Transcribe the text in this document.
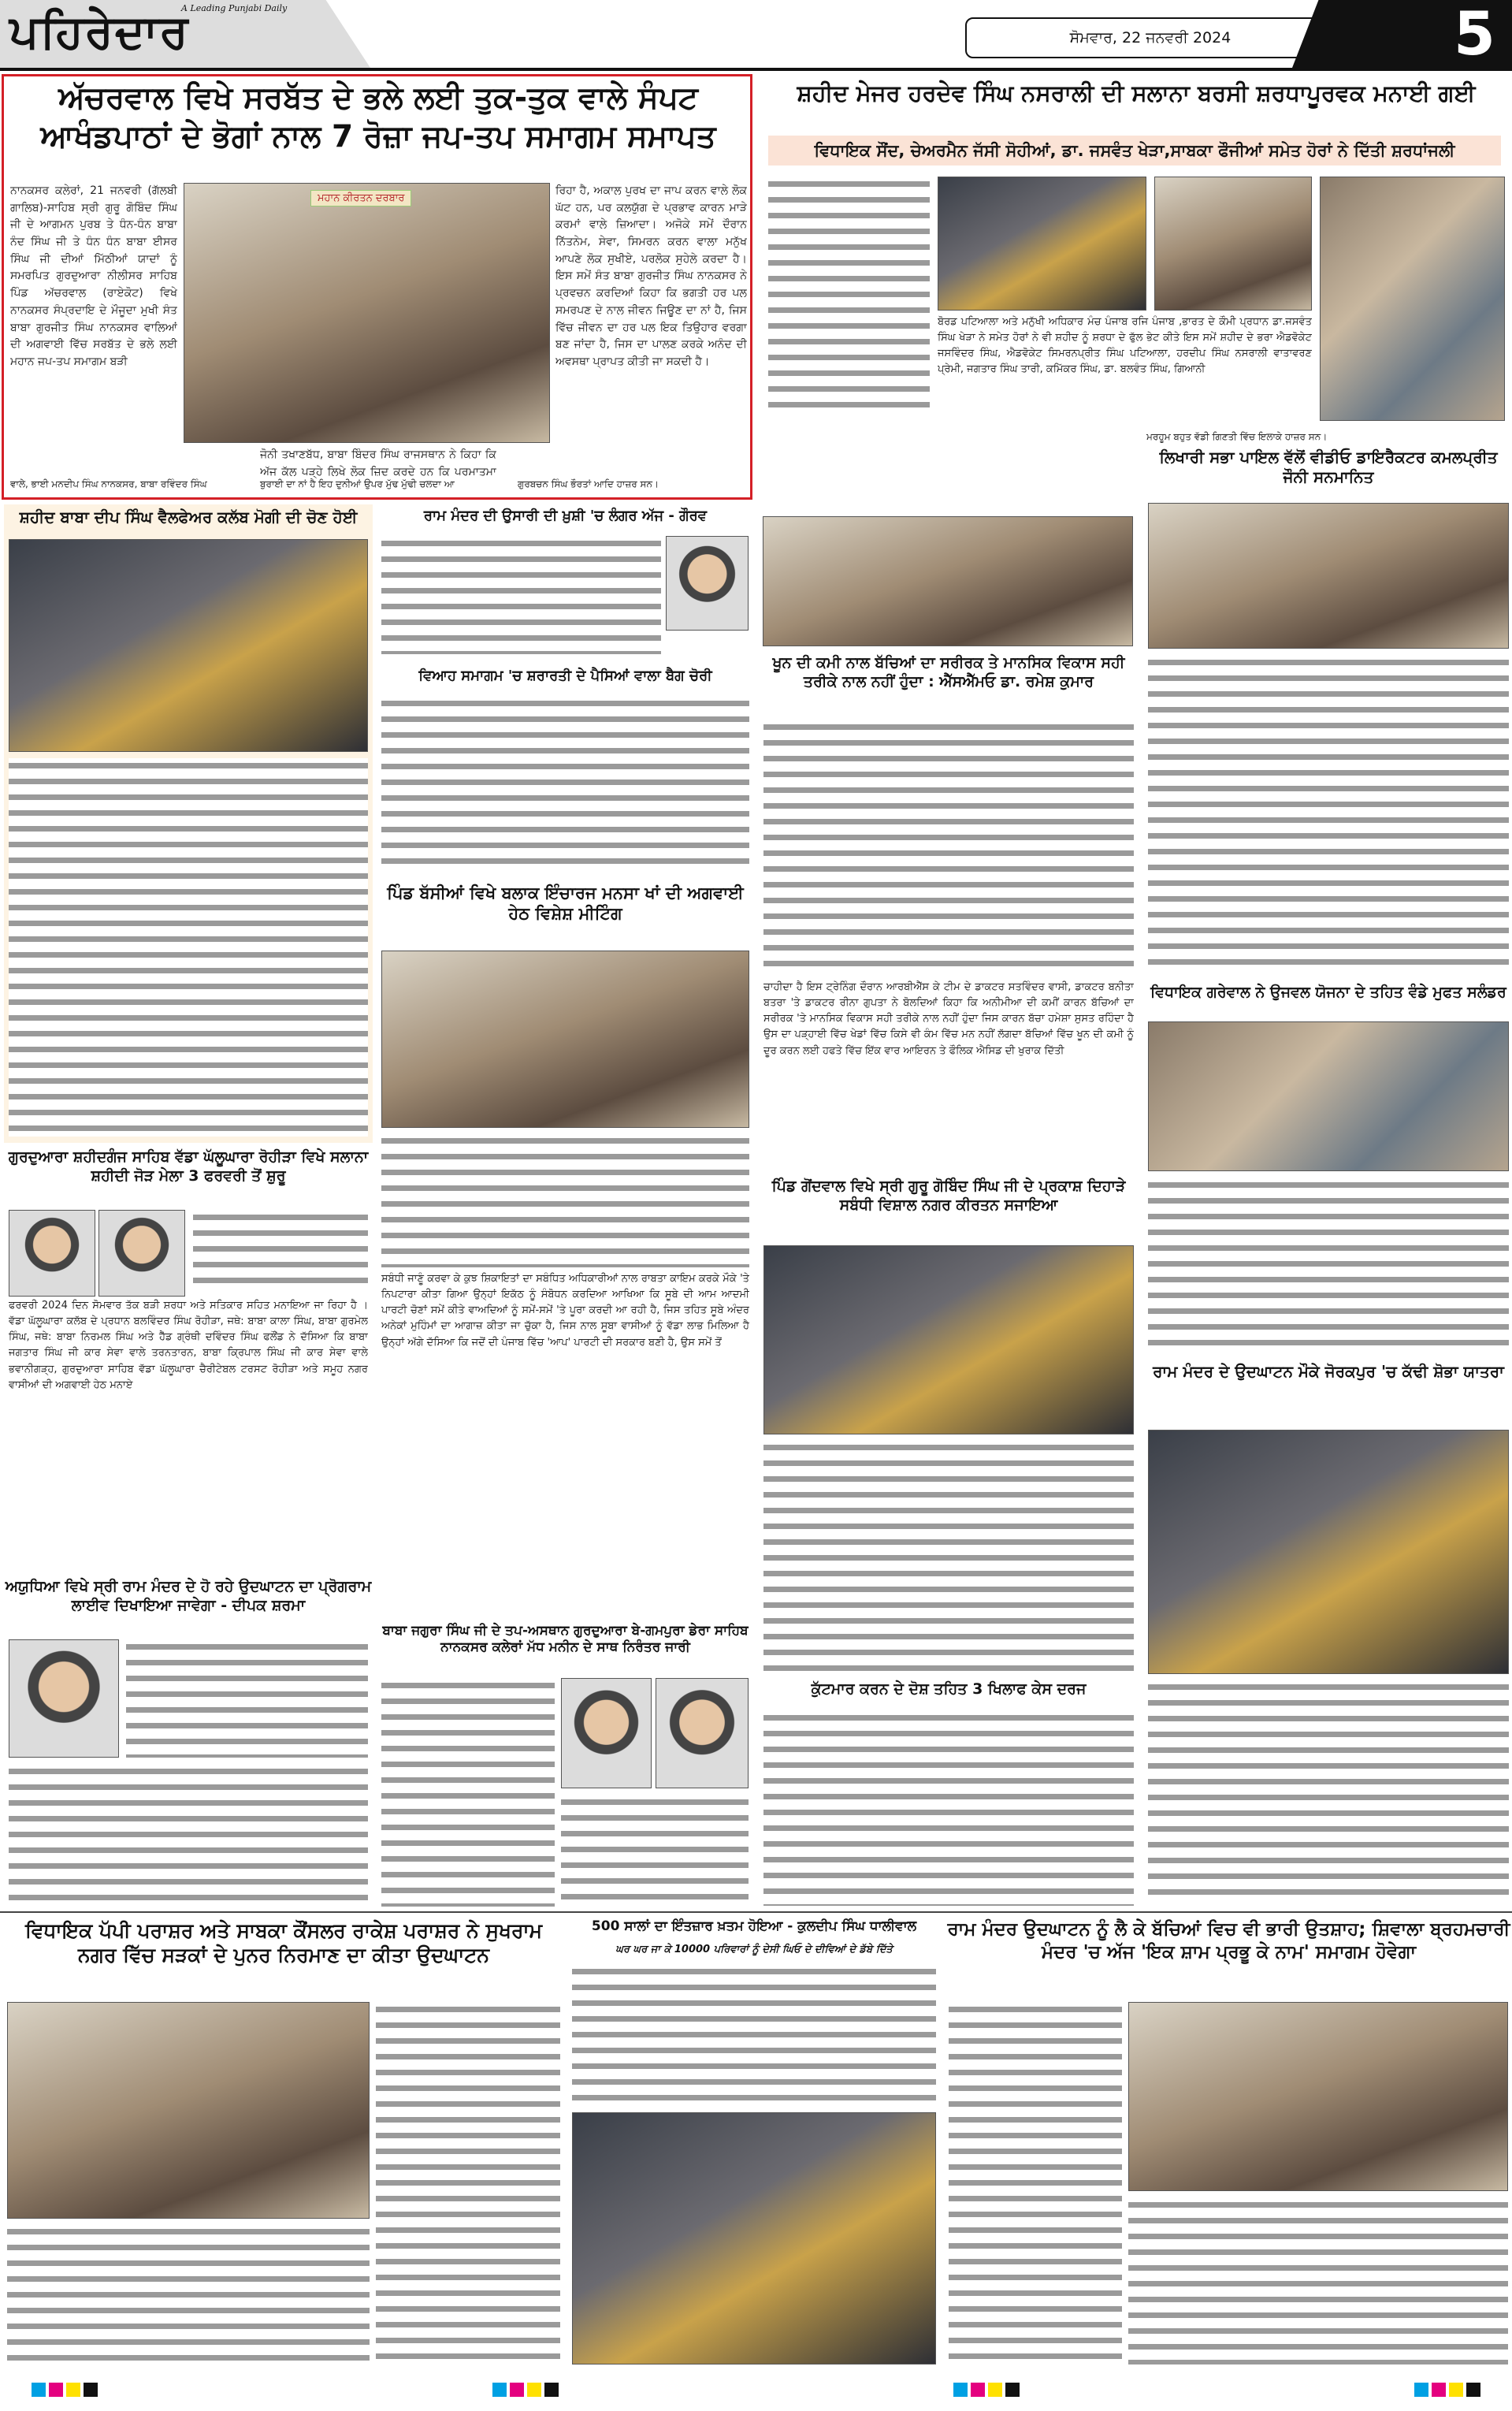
ਪਹਿਰੇਦਾਰ
A Leading Punjabi Daily
ਸੋਮਵਾਰ, 22 ਜਨਵਰੀ 2024	5
ਅੱਚਰਵਾਲ ਵਿਖੇ ਸਰਬੱਤ ਦੇ ਭਲੇ ਲਈ ਤੁਕ-ਤੁਕ ਵਾਲੇ ਸੰਪਟ ਆਖੰਡਪਾਠਾਂ ਦੇ ਭੋਗਾਂ ਨਾਲ 7 ਰੋਜ਼ਾ ਜਪ-ਤਪ ਸਮਾਗਮ ਸਮਾਪਤ
ਮਹਾਨ ਕੀਰਤਨ ਦਰਬਾਰ
ਨਾਨਕਸਰ ਕਲੇਰਾਂ, 21 ਜਨਵਰੀ (ਗੱਲਬੀ ਗਾਲਿਬ)-ਸਾਹਿਬ ਸ੍ਰੀ ਗੁਰੂ ਗੋਬਿੰਦ ਸਿੰਘ ਜੀ ਦੇ ਆਗਮਨ ਪੁਰਬ ਤੇ ਧੰਨ-ਧੰਨ ਬਾਬਾ ਨੰਦ ਸਿੰਘ ਜੀ ਤੇ ਧੰਨ ਧੰਨ ਬਾਬਾ ਈਸਰ ਸਿੰਘ ਜੀ ਦੀਆਂ ਮਿੱਠੀਆਂ ਯਾਦਾਂ ਨੂੰ ਸਮਰਪਿਤ ਗੁਰਦੁਆਰਾ ਨੀਲੀਸਰ ਸਾਹਿਬ ਪਿੰਡ ਅੱਚਰਵਾਲ (ਰਾਏਕੋਟ) ਵਿਖੇ ਨਾਨਕਸਰ ਸੰਪ੍ਰਦਾਇ ਦੇ ਮੌਜੂਦਾ ਮੁਖੀ ਸੰਤ ਬਾਬਾ ਗੁਰਜੀਤ ਸਿੰਘ ਨਾਨਕਸਰ ਵਾਲਿਆਂ ਦੀ ਅਗਵਾਈ ਵਿੱਚ ਸਰਬੱਤ ਦੇ ਭਲੇ ਲਈ ਮਹਾਨ ਜਪ-ਤਪ ਸਮਾਗਮ ਬੜੀ
ਜੋਨੀ ਤਖਾਣਬੱਧ, ਬਾਬਾ ਬਿੰਦਰ ਸਿੰਘ ਰਾਜਸਥਾਨ ਨੇ ਕਿਹਾ ਕਿ ਅੱਜ ਕੱਲ ਪੜ੍ਹੇ ਲਿਖੇ ਲੋਕ ਜ਼ਿਦ ਕਰਦੇ ਹਨ ਕਿ ਪਰਮਾਤਮਾ
ਰਿਹਾ ਹੈ, ਅਕਾਲ ਪੁਰਖ ਦਾ ਜਾਪ ਕਰਨ ਵਾਲੇ ਲੋਕ ਘੱਟ ਹਨ, ਪਰ ਕਲਯੁੱਗ ਦੇ ਪ੍ਰਭਾਵ ਕਾਰਨ ਮਾੜੇ ਕਰਮਾਂ ਵਾਲੇ ਜ਼ਿਆਦਾ। ਅਜੋਕੇ ਸਮੇਂ ਦੌਰਾਨ ਨਿੱਤਨੇਮ, ਸੇਵਾ, ਸਿਮਰਨ ਕਰਨ ਵਾਲਾ ਮਨੁੱਖ ਆਪਣੇ ਲੋਕ ਸੁਖੀਏ, ਪਰਲੋਕ ਸੁਹੇਲੇ ਕਰਦਾ ਹੈ। ਇਸ ਸਮੇਂ ਸੰਤ ਬਾਬਾ ਗੁਰਜੀਤ ਸਿੰਘ ਨਾਨਕਸਰ ਨੇ ਪ੍ਰਵਚਨ ਕਰਦਿਆਂ ਕਿਹਾ ਕਿ ਭਗਤੀ ਹਰ ਪਲ ਸਮਰਪਣ ਦੇ ਨਾਲ ਜੀਵਨ ਜਿਊਣ ਦਾ ਨਾਂ ਹੈ, ਜਿਸ ਵਿੱਚ ਜੀਵਨ ਦਾ ਹਰ ਪਲ ਇਕ ਤਿਉਹਾਰ ਵਰਗਾ ਬਣ ਜਾਂਦਾ ਹੈ, ਜਿਸ ਦਾ ਪਾਲਣ ਕਰਕੇ ਅਨੰਦ ਦੀ ਅਵਸਥਾ ਪ੍ਰਾਪਤ ਕੀਤੀ ਜਾ ਸਕਦੀ ਹੈ।
ਵਾਲੇ, ਭਾਈ ਮਨਦੀਪ ਸਿੰਘ ਨਾਨਕਸਰ, ਬਾਬਾ ਰਵਿੰਦਰ ਸਿੰਘ	ਬੁਰਾਈ ਦਾ ਨਾਂ ਹੈ ਇਹ ਦੁਨੀਆਂ ਉਪਰ ਮੁੱਢ ਮੁੱਢੀ ਚਲਦਾ ਆ	ਗੁਰਬਚਨ ਸਿੰਘ ਭੌਰਤਾਂ ਆਦਿ ਹਾਜ਼ਰ ਸਨ।
ਸ਼ਹੀਦ ਮੇਜਰ ਹਰਦੇਵ ਸਿੰਘ ਨਸਰਾਲੀ ਦੀ ਸਲਾਨਾ ਬਰਸੀ ਸ਼ਰਧਾਪੂਰਵਕ ਮਨਾਈ ਗਈ
ਵਿਧਾਇਕ ਸੌਂਦ, ਚੇਅਰਮੈਨ ਜੱਸੀ ਸੋਹੀਆਂ, ਡਾ. ਜਸਵੰਤ ਖੇੜਾ,ਸਾਬਕਾ ਫੌਜੀਆਂ ਸਮੇਤ ਹੋਰਾਂ ਨੇ ਦਿੱਤੀ ਸ਼ਰਧਾਂਜਲੀ
ਬੋਰਡ ਪਟਿਆਲਾ ਅਤੇ ਮਨੁੱਖੀ ਅਧਿਕਾਰ ਮੰਚ ਪੰਜਾਬ ਰਜਿ ਪੰਜਾਬ ,ਭਾਰਤ ਦੇ ਕੌਮੀ ਪ੍ਰਧਾਨ ਡਾ.ਜਸਵੰਤ ਸਿੰਘ ਖੇੜਾ ਨੇ ਸਮੇਤ ਹੋਰਾਂ ਨੇ ਵੀ ਸ਼ਹੀਦ ਨੂੰ ਸ਼ਰਧਾ ਦੇ ਫੁੱਲ ਭੇਟ ਕੀਤੇ ਇਸ ਸਮੇਂ ਸ਼ਹੀਦ ਦੇ ਭਰਾ ਐਡਵੋਕੇਟ ਜਸਵਿੰਦਰ ਸਿੰਘ, ਐਡਵੋਕੇਟ ਸਿਮਰਨਪ੍ਰੀਤ ਸਿੰਘ ਪਟਿਆਲਾ, ਹਰਦੀਪ ਸਿੰਘ ਨਸਰਾਲੀ ਵਾਤਾਵਰਣ ਪ੍ਰੇਮੀ, ਜਗਤਾਰ ਸਿੰਘ ਤਾਰੀ, ਕਮਿੱਕਰ ਸਿੰਘ, ਡਾ. ਬਲਵੰਤ ਸਿੰਘ, ਗਿਆਨੀ
ਮਰਹੂਮ ਬਹੁਤ ਵੱਡੀ ਗਿਣਤੀ ਵਿੱਚ ਇਲਾਕੇ ਹਾਜ਼ਰ ਸਨ।
ਸ਼ਹੀਦ ਬਾਬਾ ਦੀਪ ਸਿੰਘ ਵੈਲਫੇਅਰ ਕਲੱਬ ਮੋਗੀ ਦੀ ਚੋਣ ਹੋਈ
ਗੁਰਦੁਆਰਾ ਸ਼ਹੀਦਗੰਜ ਸਾਹਿਬ ਵੱਡਾ ਘੱਲੂਘਾਰਾ ਰੋਹੀੜਾ ਵਿਖੇ ਸਲਾਨਾ ਸ਼ਹੀਦੀ ਜੋੜ ਮੇਲਾ 3 ਫਰਵਰੀ ਤੋਂ ਸ਼ੁਰੂ
ਫਰਵਰੀ 2024 ਦਿਨ ਸੋਮਵਾਰ ਤੱਕ ਬੜੀ ਸ਼ਰਧਾ ਅਤੇ ਸਤਿਕਾਰ ਸਹਿਤ ਮਨਾਇਆ ਜਾ ਰਿਹਾ ਹੈ । ਵੱਡਾ ਘੱਲੂਘਾਰਾ ਕਲੱਬ ਦੇ ਪ੍ਰਧਾਨ ਬਲਵਿੰਦਰ ਸਿੰਘ ਰੋਹੀੜਾ, ਜਥੇ: ਬਾਬਾ ਕਾਲਾ ਸਿੰਘ, ਬਾਬਾ ਗੁਰਮੇਲ ਸਿੰਘ, ਜਥੇ: ਬਾਬਾ ਨਿਰਮਲ ਸਿੰਘ ਅਤੇ ਹੈੱਡ ਗ੍ਰੰਥੀ ਦਵਿੰਦਰ ਸਿੰਘ ਫਲੌਂਡ ਨੇ ਦੱਸਿਆ ਕਿ ਬਾਬਾ ਜਗਤਾਰ ਸਿੰਘ ਜੀ ਕਾਰ ਸੇਵਾ ਵਾਲੇ ਤਰਨਤਾਰਨ, ਬਾਬਾ ਕ੍ਰਿਪਾਲ ਸਿੰਘ ਜੀ ਕਾਰ ਸੇਵਾ ਵਾਲੇ ਭਵਾਨੀਗੜ੍ਹ, ਗੁਰਦੁਆਰਾ ਸਾਹਿਬ ਵੱਡਾ ਘੱਲੂਘਾਰਾ ਚੈਰੀਟੇਬਲ ਟਰਸਟ ਰੋਹੀੜਾ ਅਤੇ ਸਮੂਹ ਨਗਰ ਵਾਸੀਆਂ ਦੀ ਅਗਵਾਈ ਹੇਠ ਮਨਾਏ
ਅਯੁਧਿਆ ਵਿਖੇ ਸ੍ਰੀ ਰਾਮ ਮੰਦਰ ਦੇ ਹੋ ਰਹੇ ਉਦਘਾਟਨ ਦਾ ਪ੍ਰੋਗਰਾਮ ਲਾਈਵ ਦਿਖਾਇਆ ਜਾਵੇਗਾ - ਦੀਪਕ ਸ਼ਰਮਾ
ਰਾਮ ਮੰਦਰ ਦੀ ਉਸਾਰੀ ਦੀ ਖ਼ੁਸ਼ੀ 'ਚ ਲੰਗਰ ਅੱਜ - ਗੌਰਵ
ਵਿਆਹ ਸਮਾਗਮ 'ਚ ਸ਼ਰਾਰਤੀ ਦੇ ਪੈਸਿਆਂ ਵਾਲਾ ਬੈਗ ਚੋਰੀ
ਪਿੰਡ ਬੱਸੀਆਂ ਵਿਖੇ ਬਲਾਕ ਇੰਚਾਰਜ ਮਨਸਾ ਖਾਂ ਦੀ ਅਗਵਾਈ ਹੇਠ ਵਿਸ਼ੇਸ਼ ਮੀਟਿੰਗ
ਸਬੰਧੀ ਜਾਣੂੰ ਕਰਵਾ ਕੇ ਕੁਝ ਸ਼ਿਕਾਇਤਾਂ ਦਾ ਸਬੰਧਿਤ ਅਧਿਕਾਰੀਆਂ ਨਾਲ ਰਾਬਤਾ ਕਾਇਮ ਕਰਕੇ ਮੌਕੇ 'ਤੇ ਨਿਪਟਾਰਾ ਕੀਤਾ ਗਿਆ ਉਨ੍ਹਾਂ ਇਕੱਠ ਨੂੰ ਸੰਬੋਧਨ ਕਰਦਿਆ ਆਖਿਆ ਕਿ ਸੂਬੇ ਦੀ ਆਮ ਆਦਮੀ ਪਾਰਟੀ ਚੋਣਾਂ ਸਮੇਂ ਕੀਤੇ ਵਾਅਦਿਆਂ ਨੂੰ ਸਮੇਂ-ਸਮੇਂ 'ਤੇ ਪੂਰਾ ਕਰਦੀ ਆ ਰਹੀ ਹੈ, ਜਿਸ ਤਹਿਤ ਸੂਬੇ ਅੰਦਰ ਅਨੇਕਾਂ ਮੁਹਿੰਮਾਂ ਦਾ ਆਗਾਜ਼ ਕੀਤਾ ਜਾ ਚੁੱਕਾ ਹੈ, ਜਿਸ ਨਾਲ ਸੂਬਾ ਵਾਸੀਆਂ ਨੂੰ ਵੱਡਾ ਲਾਭ ਮਿਲਿਆ ਹੈ ਉਨ੍ਹਾਂ ਅੱਗੇ ਦੱਸਿਆ ਕਿ ਜਦੋਂ ਦੀ ਪੰਜਾਬ ਵਿੱਚ 'ਆਪ' ਪਾਰਟੀ ਦੀ ਸਰਕਾਰ ਬਣੀ ਹੈ, ਉਸ ਸਮੇਂ ਤੋਂ
ਬਾਬਾ ਜਗੁਰਾ ਸਿੰਘ ਜੀ ਦੇ ਤਪ-ਅਸਥਾਨ ਗੁਰਦੁਆਰਾ ਬੇ-ਗਮਪੁਰਾ ਡੇਰਾ ਸਾਹਿਬ ਨਾਨਕਸਰ ਕਲੇਰਾਂ ਮੱਧ ਮਨੀਨ ਦੇ ਸਾਥ ਨਿਰੰਤਰ ਜਾਰੀ
ਖੂਨ ਦੀ ਕਮੀ ਨਾਲ ਬੱਚਿਆਂ ਦਾ ਸਰੀਰਕ ਤੇ ਮਾਨਸਿਕ ਵਿਕਾਸ ਸਹੀ ਤਰੀਕੇ ਨਾਲ ਨਹੀਂ ਹੁੰਦਾ : ਐੱਸਐੱਮਓ ਡਾ. ਰਮੇਸ਼ ਕੁਮਾਰ
ਚਾਹੀਦਾ ਹੈ ਇਸ ਟ੍ਰੇਨਿੰਗ ਦੌਰਾਨ ਆਰਬੀਐੱਸ ਕੇ ਟੀਮ ਦੇ ਡਾਕਟਰ ਸਤਵਿੰਦਰ ਵਾਸੀ, ਡਾਕਟਰ ਬਨੀਤਾ ਬਤਰਾ 'ਤੇ ਡਾਕਟਰ ਰੀਨਾ ਗੁਪਤਾ ਨੇ ਬੋਲਦਿਆਂ ਕਿਹਾ ਕਿ ਅਨੀਮੀਆ ਦੀ ਕਮੀਂ ਕਾਰਨ ਬੱਚਿਆਂ ਦਾ ਸਰੀਰਕ 'ਤੇ ਮਾਨਸਿਕ ਵਿਕਾਸ ਸਹੀ ਤਰੀਕੇ ਨਾਲ ਨਹੀਂ ਹੁੰਦਾ ਜਿਸ ਕਾਰਨ ਬੱਚਾ ਹਮੇਸ਼ਾ ਸੁਸਤ ਰਹਿੰਦਾ ਹੈ ਉਸ ਦਾ ਪੜ੍ਹਾਈ ਵਿੱਚ ਖੇਡਾਂ ਵਿੱਚ ਕਿਸੇ ਵੀ ਕੰਮ ਵਿੱਚ ਮਨ ਨਹੀਂ ਲੱਗਦਾ ਬੱਚਿਆਂ ਵਿੱਚ ਖੂਨ ਦੀ ਕਮੀ ਨੂੰ ਦੂਰ ਕਰਨ ਲਈ ਹਫਤੇ ਵਿੱਚ ਇੱਕ ਵਾਰ ਆਇਰਨ ਤੇ ਫੌਲਿਕ ਐਸਿਡ ਦੀ ਖੁਰਾਕ ਦਿੱਤੀ
ਪਿੰਡ ਗੋਂਦਵਾਲ ਵਿਖੇ ਸ੍ਰੀ ਗੁਰੂ ਗੋਬਿੰਦ ਸਿੰਘ ਜੀ ਦੇ ਪ੍ਰਕਾਸ਼ ਦਿਹਾੜੇ ਸਬੰਧੀ ਵਿਸ਼ਾਲ ਨਗਰ ਕੀਰਤਨ ਸਜਾਇਆ
ਕੁੱਟਮਾਰ ਕਰਨ ਦੇ ਦੋਸ਼ ਤਹਿਤ 3 ਖਿਲਾਫ ਕੇਸ ਦਰਜ
ਲਿਖਾਰੀ ਸਭਾ ਪਾਇਲ ਵੱਲੋਂ ਵੀਡੀਓ ਡਾਇਰੈਕਟਰ ਕਮਲਪ੍ਰੀਤ ਜੌਨੀ ਸਨਮਾਨਿਤ
ਵਿਧਾਇਕ ਗਰੇਵਾਲ ਨੇ ਉਜਵਲ ਯੋਜਨਾ ਦੇ ਤਹਿਤ ਵੰਡੇ ਮੁਫਤ ਸਲੰਡਰ
ਰਾਮ ਮੰਦਰ ਦੇ ਉਦਘਾਟਨ ਮੌਕੇ ਜੋਰਕਪੁਰ 'ਚ ਕੱਢੀ ਸ਼ੋਭਾ ਯਾਤਰਾ
ਵਿਧਾਇਕ ਪੱਪੀ ਪਰਾਸ਼ਰ ਅਤੇ ਸਾਬਕਾ ਕੌਂਸਲਰ ਰਾਕੇਸ਼ ਪਰਾਸ਼ਰ ਨੇ ਸੁਖਰਾਮ ਨਗਰ ਵਿੱਚ ਸੜਕਾਂ ਦੇ ਪੁਨਰ ਨਿਰਮਾਣ ਦਾ ਕੀਤਾ ਉਦਘਾਟਨ
500 ਸਾਲਾਂ ਦਾ ਇੰਤਜ਼ਾਰ ਖ਼ਤਮ ਹੋਇਆ - ਕੁਲਦੀਪ ਸਿੰਘ ਧਾਲੀਵਾਲ
ਘਰ ਘਰ ਜਾ ਕੇ 10000 ਪਰਿਵਾਰਾਂ ਨੂੰ ਦੇਸੀ ਘਿਓ ਦੇ ਦੀਵਿਆਂ ਦੇ ਡੱਬੇ ਦਿੱਤੇ
ਰਾਮ ਮੰਦਰ ਉਦਘਾਟਨ ਨੂੰ ਲੈ ਕੇ ਬੱਚਿਆਂ ਵਿਚ ਵੀ ਭਾਰੀ ਉਤਸ਼ਾਹ; ਸ਼ਿਵਾਲਾ ਬ੍ਰਹਮਚਾਰੀ ਮੰਦਰ 'ਚ ਅੱਜ 'ਇਕ ਸ਼ਾਮ ਪ੍ਰਭੂ ਕੇ ਨਾਮ' ਸਮਾਗਮ ਹੋਵੇਗਾ
